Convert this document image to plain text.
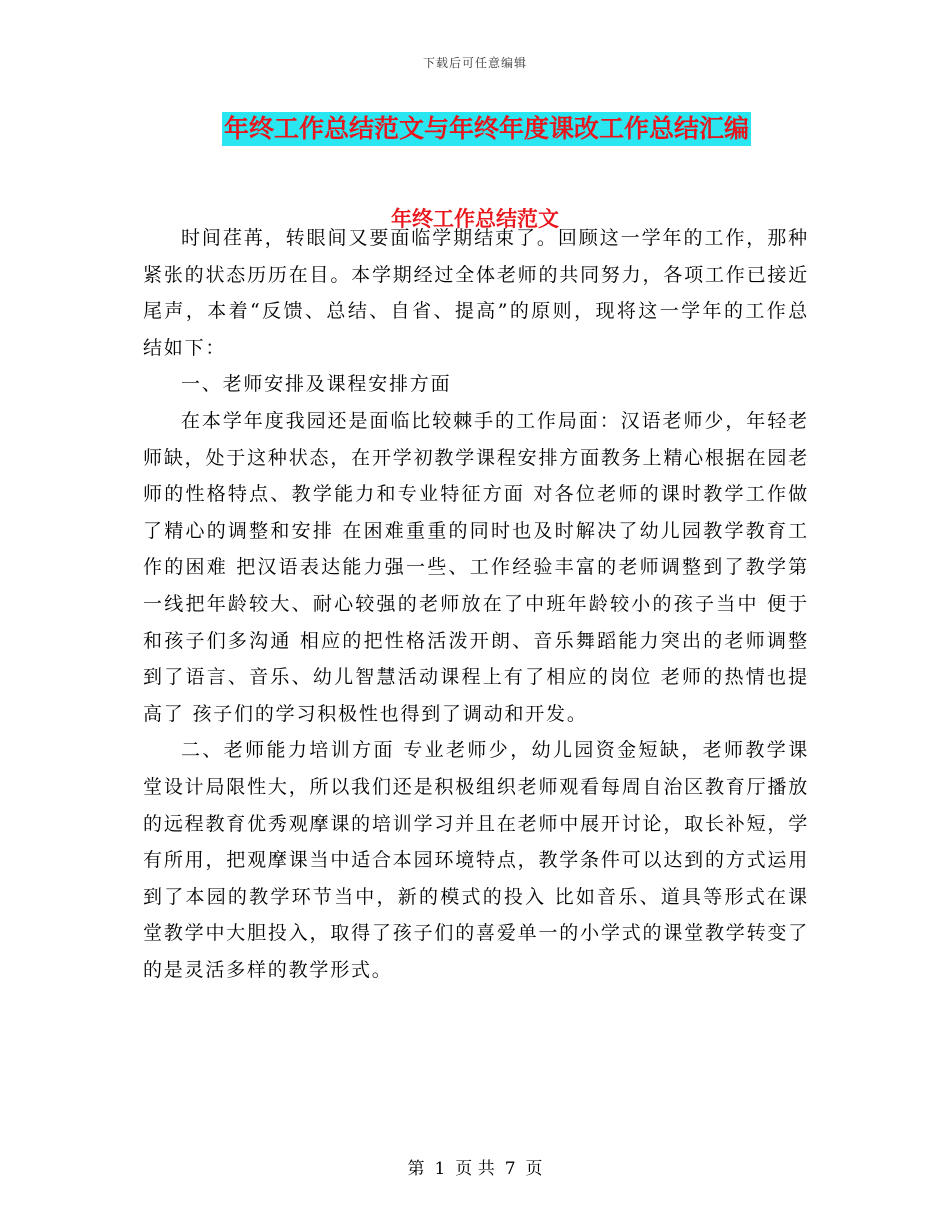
下载后可任意编辑
年终工作总结范文与年终年度课改工作总结汇编
年终工作总结范文

时间荏苒，转眼间又要面临学期结束了。回顾这一学年的工作，那种紧张的状态历历在目。本学期经过全体老师的共同努力，各项工作已接近尾声，本着“反馈、总结、自省、提高”的原则，现将这一学年的工作总结如下：

一、老师安排及课程安排方面

在本学年度我园还是面临比较棘手的工作局面：汉语老师少，年轻老师缺，处于这种状态，在开学初教学课程安排方面教务上精心根据在园老师的性格特点、教学能力和专业特征方面 对各位老师的课时教学工作做了精心的调整和安排 在困难重重的同时也及时解决了幼儿园教学教育工作的困难 把汉语表达能力强一些、工作经验丰富的老师调整到了教学第一线把年龄较大、耐心较强的老师放在了中班年龄较小的孩子当中 便于和孩子们多沟通 相应的把性格活泼开朗、音乐舞蹈能力突出的老师调整到了语言、音乐、幼儿智慧活动课程上有了相应的岗位 老师的热情也提高了 孩子们的学习积极性也得到了调动和开发。

二、老师能力培训方面 专业老师少，幼儿园资金短缺，老师教学课堂设计局限性大，所以我们还是积极组织老师观看每周自治区教育厅播放的远程教育优秀观摩课的培训学习并且在老师中展开讨论，取长补短，学有所用，把观摩课当中适合本园环境特点，教学条件可以达到的方式运用到了本园的教学环节当中，新的模式的投入 比如音乐、道具等形式在课堂教学中大胆投入，取得了孩子们的喜爱单一的小学式的课堂教学转变了 的是灵活多样的教学形式。

第 1 页 共 7 页
